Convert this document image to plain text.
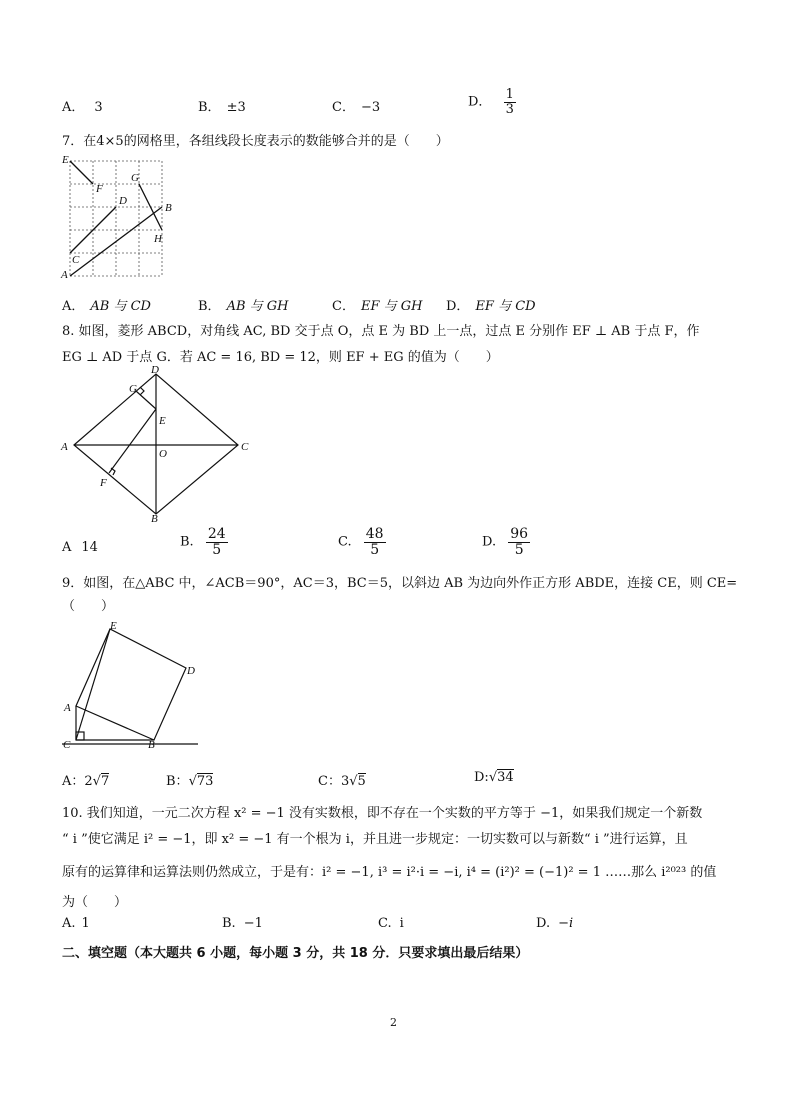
A． 3	B． ±3	C． −3	D． $\frac{1}{3}$
7．在4×5的网格里，各组线段长度表示的数能够合并的是（　　）
E
F
G
D
B
H
C
A
A． AB 与 CD	B． AB 与 GH	C． EF 与 GH D． EF 与 CD
8. 如图，菱形 ABCD，对角线 AC, BD 交于点 O，点 E 为 BD 上一点，过点 E 分别作 EF ⊥ AB 于点 F，作
EG ⊥ AD 于点 G．若 AC = 16, BD = 12，则 EF + EG 的值为（　　）
D
G
E
A
O
C
F
B
A 14	B. $\frac{24}{5}$	C. $\frac{48}{5}$	D. $\frac{96}{5}$
9．如图，在△ABC 中，∠ACB＝90°，AC＝3，BC＝5，以斜边 AB 为边向外作正方形 ABDE，连接 CE，则 CE=
（　　）
E
D
A
C	B
A：2√7	B：√73	C：3√5	D:√34
10. 我们知道，一元二次方程 x² = −1 没有实数根，即不存在一个实数的平方等于 −1，如果我们规定一个新数
“ i ”使它满足 i² = −1，即 x² = −1 有一个根为 i，并且进一步规定：一切实数可以与新数“ i ”进行运算，且
原有的运算律和运算法则仍然成立，于是有：i² = −1, i³ = i²·i = −i, i⁴ = (i²)² = (−1)² = 1 ……那么 i²⁰²³ 的值
为（　　）
A. 1	B. −1	C. i	D. −i
二、填空题（本大题共 6 小题，每小题 3 分，共 18 分．只要求填出最后结果）
2
